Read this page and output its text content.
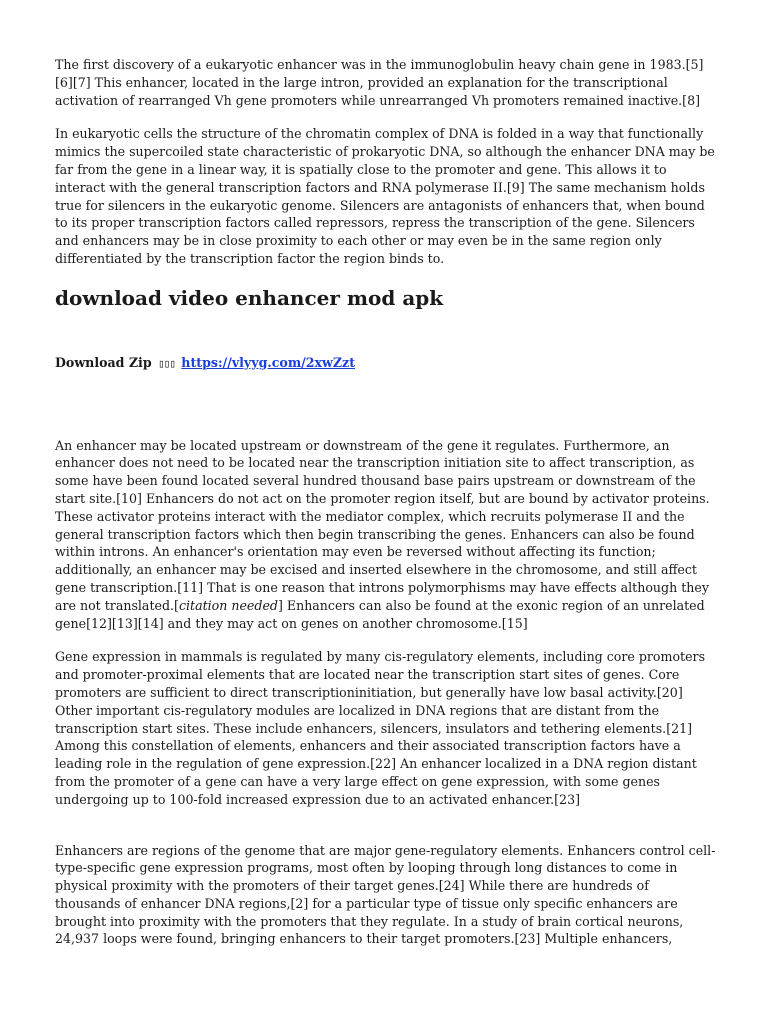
The first discovery of a eukaryotic enhancer was in the immunoglobulin heavy chain gene in 1983.[5][6][7] This enhancer, located in the large intron, provided an explanation for the transcriptional activation of rearranged Vh gene promoters while unrearranged Vh promoters remained inactive.[8]

In eukaryotic cells the structure of the chromatin complex of DNA is folded in a way that functionally mimics the supercoiled state characteristic of prokaryotic DNA, so although the enhancer DNA may be far from the gene in a linear way, it is spatially close to the promoter and gene. This allows it to interact with the general transcription factors and RNA polymerase II.[9] The same mechanism holds true for silencers in the eukaryotic genome. Silencers are antagonists of enhancers that, when bound to its proper transcription factors called repressors, repress the transcription of the gene. Silencers and enhancers may be in close proximity to each other or may even be in the same region only differentiated by the transcription factor the region binds to.

download video enhancer mod apk
Download Zip ▯▯▯ https://vlyyg.com/2xwZzt

An enhancer may be located upstream or downstream of the gene it regulates. Furthermore, an enhancer does not need to be located near the transcription initiation site to affect transcription, as some have been found located several hundred thousand base pairs upstream or downstream of the start site.[10] Enhancers do not act on the promoter region itself, but are bound by activator proteins. These activator proteins interact with the mediator complex, which recruits polymerase II and the general transcription factors which then begin transcribing the genes. Enhancers can also be found within introns. An enhancer's orientation may even be reversed without affecting its function; additionally, an enhancer may be excised and inserted elsewhere in the chromosome, and still affect gene transcription.[11] That is one reason that introns polymorphisms may have effects although they are not translated.[citation needed] Enhancers can also be found at the exonic region of an unrelated gene[12][13][14] and they may act on genes on another chromosome.[15]

Gene expression in mammals is regulated by many cis-regulatory elements, including core promoters and promoter-proximal elements that are located near the transcription start sites of genes. Core promoters are sufficient to direct transcriptioninitiation, but generally have low basal activity.[20] Other important cis-regulatory modules are localized in DNA regions that are distant from the transcription start sites. These include enhancers, silencers, insulators and tethering elements.[21] Among this constellation of elements, enhancers and their associated transcription factors have a leading role in the regulation of gene expression.[22] An enhancer localized in a DNA region distant from the promoter of a gene can have a very large effect on gene expression, with some genes undergoing up to 100-fold increased expression due to an activated enhancer.[23]

Enhancers are regions of the genome that are major gene-regulatory elements. Enhancers control cell-type-specific gene expression programs, most often by looping through long distances to come in physical proximity with the promoters of their target genes.[24] While there are hundreds of thousands of enhancer DNA regions,[2] for a particular type of tissue only specific enhancers are brought into proximity with the promoters that they regulate. In a study of brain cortical neurons, 24,937 loops were found, bringing enhancers to their target promoters.[23] Multiple enhancers,
